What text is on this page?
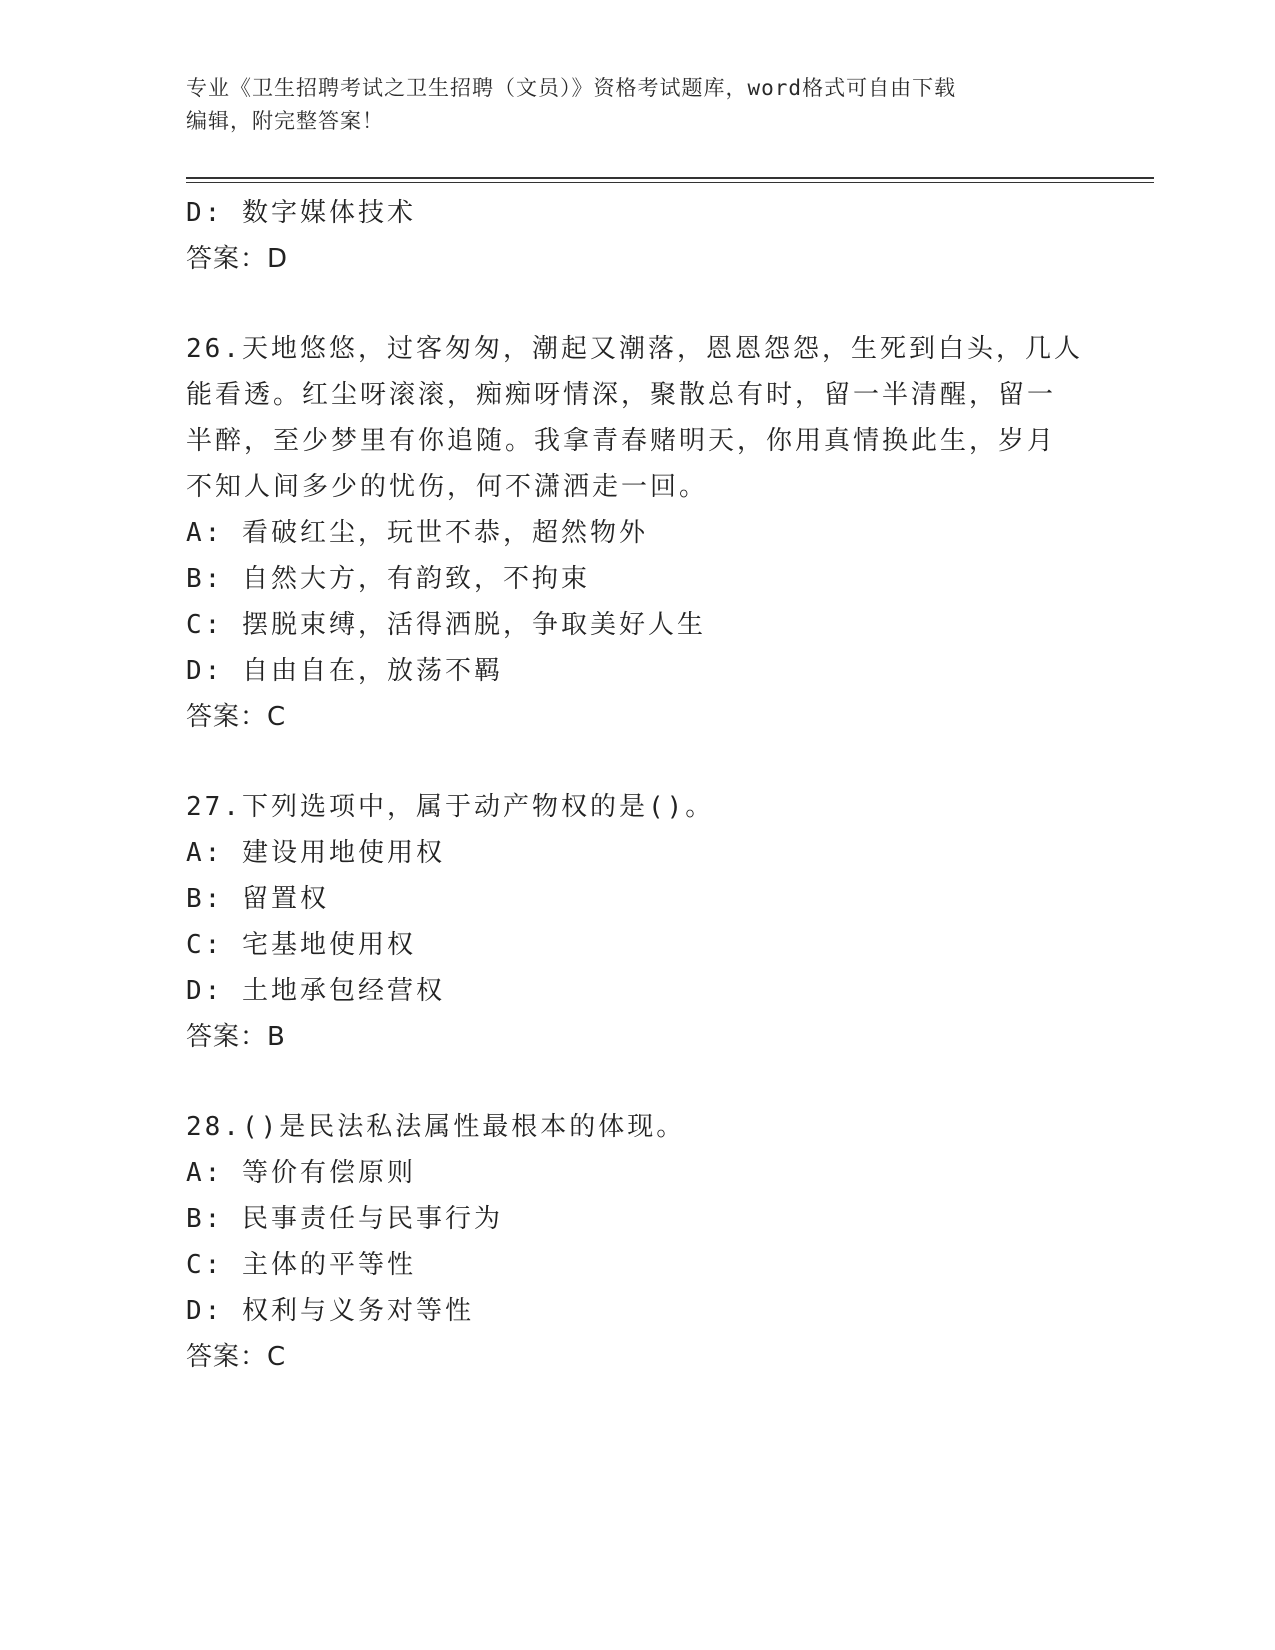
专业《卫生招聘考试之卫生招聘（文员）》资格考试题库，word格式可自由下载
编辑，附完整答案！
D: 数字媒体技术
答案：D
26.天地悠悠，过客匆匆，潮起又潮落，恩恩怨怨，生死到白头，几人
能看透。红尘呀滚滚，痴痴呀情深，聚散总有时，留一半清醒，留一
半醉，至少梦里有你追随。我拿青春赌明天，你用真情换此生，岁月
不知人间多少的忧伤，何不潇洒走一回。
A: 看破红尘，玩世不恭，超然物外
B: 自然大方，有韵致，不拘束
C: 摆脱束缚，活得洒脱，争取美好人生
D: 自由自在，放荡不羁
答案：C
27.下列选项中，属于动产物权的是()。
A: 建设用地使用权
B: 留置权
C: 宅基地使用权
D: 土地承包经营权
答案：B
28.()是民法私法属性最根本的体现。
A: 等价有偿原则
B: 民事责任与民事行为
C: 主体的平等性
D: 权利与义务对等性
答案：C
